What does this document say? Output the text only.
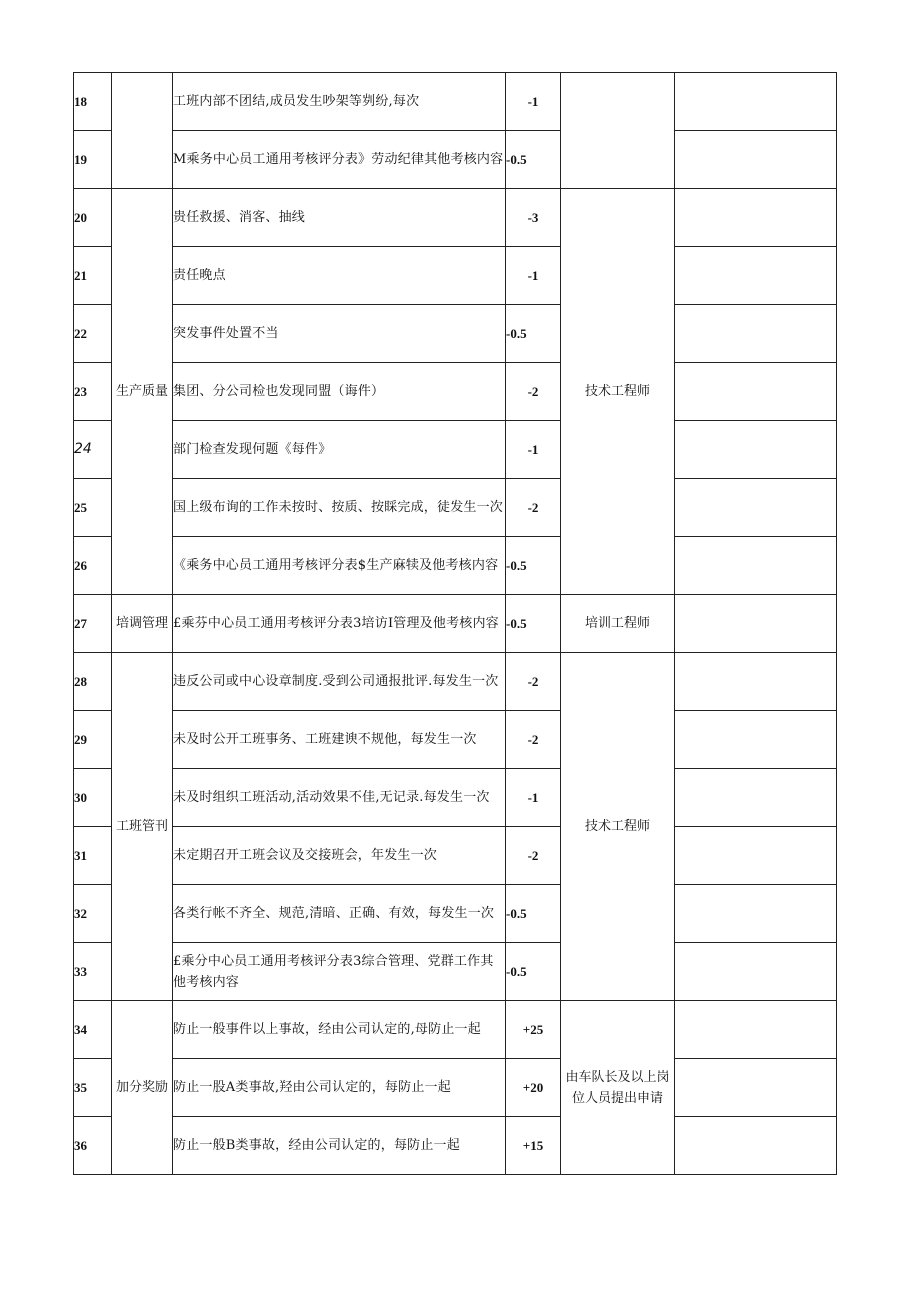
18		工班内部不团结,成员发生吵架等刿纷,每次	-1		
19		M乘务中心员工通用考核评分表》劳动纪律其他考核内容	-0.5		
20	生产质量	贵任救援、消客、抽线	-3	技术工程师	
21		责任晚点	-1		
22		突发事件处置不当	-0.5		
23		集团、分公司检也发现同盟（诲件）	-2		
24		部门检查发现何题《每件》	-1		
25		国上级布询的工作未按时、按质、按睬完成，徒发生一次	-2		
26		《乘务中心员工通用考核评分表$生产麻犊及他考核内容	-0.5		
27	培调管理	£乘芬中心员工通用考核评分表3培访I管理及他考核内容	-0.5	培训工程师	
28	工班管刊	违反公司或中心设章制度.受到公司通报批评.每发生一次	-2	技术工程师	
29		未及时公开工班事务、工班建谀不规他，每发生一次	-2		
30		未及时组织工班活动,活动效果不佳,无记录.每发生一次	-1		
31		未定期召开工班会议及交接班会，年发生一次	-2		
32		各类行帐不齐全、规范,清暗、正确、有效，每发生一次	-0.5		
33		£乘分中心员工通用考核评分表3综合管理、党群工作其他考核内容	-0.5		
34	加分奖励	防止一般事件以上事故，经由公司认定的,母防止一起	+25	由车队长及以上岗位人员提出申请	
35		防止一股A类事故,羟由公司认定的，每防止一起	+20		
36		防止一般B类事故，经由公司认定的，每防止一起	+15		
